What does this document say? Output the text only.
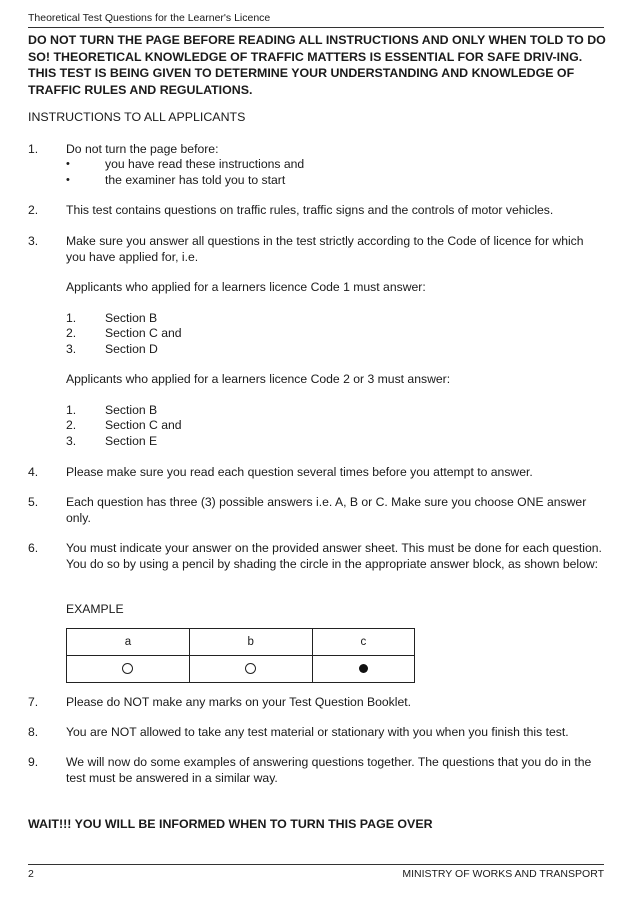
Theoretical Test Questions for the Learner's Licence
DO NOT TURN THE PAGE BEFORE READING ALL INSTRUCTIONS AND ONLY WHEN TOLD TO DO SO! THEORETICAL KNOWLEDGE OF TRAFFIC MATTERS IS ESSENTIAL FOR SAFE DRIV-ING. THIS TEST IS BEING GIVEN TO DETERMINE YOUR UNDERSTANDING AND KNOWLEDGE OF TRAFFIC RULES AND REGULATIONS.
INSTRUCTIONS TO ALL APPLICANTS
1. Do not turn the page before:
•	you have read these instructions and
•	the examiner has told you to start
2. This test contains questions on traffic rules, traffic signs and the controls of motor vehicles.
3. Make sure you answer all questions in the test strictly according to the Code of licence for which you have applied for, i.e.
Applicants who applied for a learners licence Code 1 must answer:
1. Section B
2. Section C and
3. Section D
Applicants who applied for a learners licence Code 2 or 3 must answer:
1. Section B
2. Section C and
3. Section E
4. Please make sure you read each question several times before you attempt to answer.
5. Each question has three (3) possible answers i.e. A, B or C. Make sure you choose ONE answer only.
6. You must indicate your answer on the provided answer sheet. This must be done for each question. You do so by using a pencil by shading the circle in the appropriate answer block, as shown below:
EXAMPLE
a	b	c

7. Please do NOT make any marks on your Test Question Booklet.
8. You are NOT allowed to take any test material or stationary with you when you finish this test.
9. We will now do some examples of answering questions together. The questions that you do in the test must be answered in a similar way.
WAIT!!! YOU WILL BE INFORMED WHEN TO TURN THIS PAGE OVER
2	MINISTRY OF WORKS AND TRANSPORT
